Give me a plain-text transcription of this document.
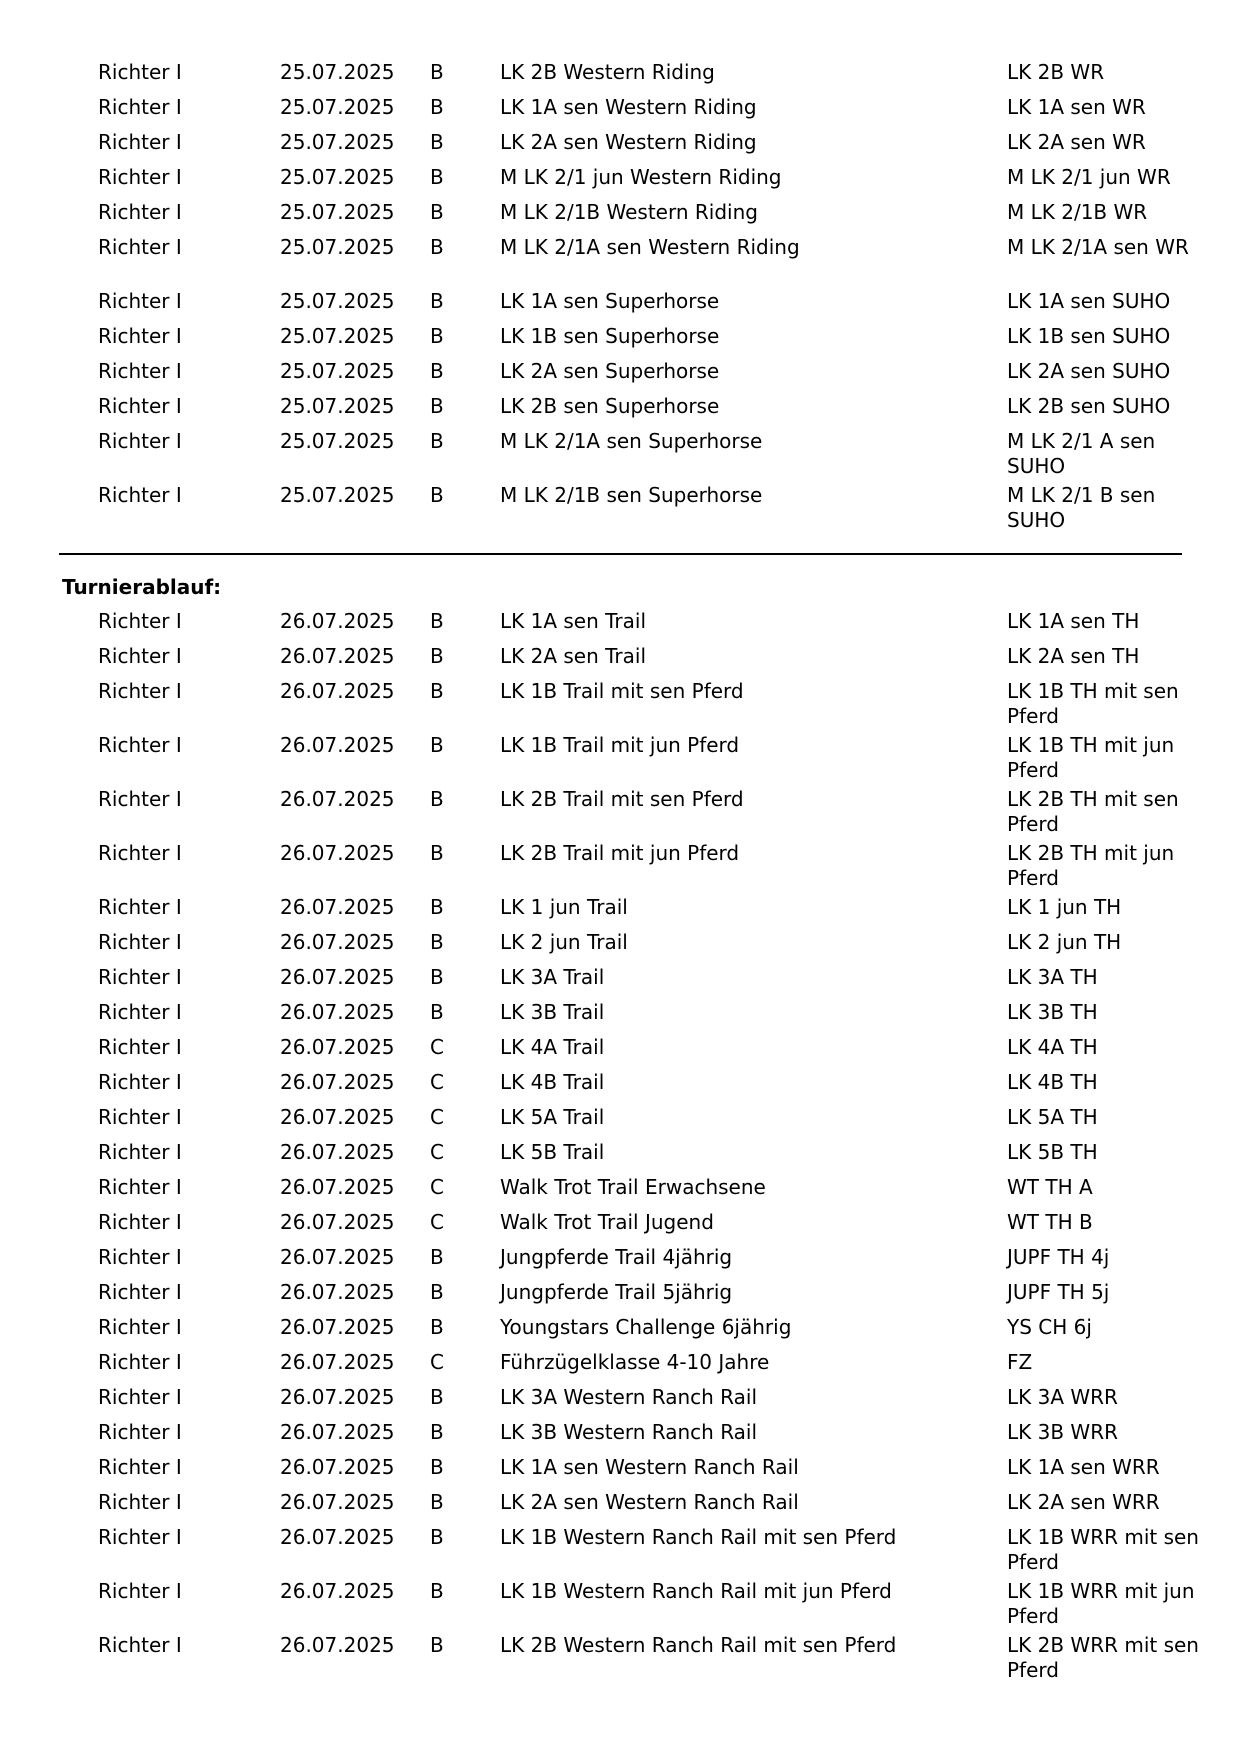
Richter I	25.07.2025 B	LK 2B Western Riding	LK 2B WR
Richter I	25.07.2025 B	LK 1A sen Western Riding	LK 1A sen WR
Richter I	25.07.2025 B	LK 2A sen Western Riding	LK 2A sen WR
Richter I	25.07.2025 B	M LK 2/1 jun Western Riding	M LK 2/1 jun WR
Richter I	25.07.2025 B	M LK 2/1B Western Riding	M LK 2/1B WR
Richter I	25.07.2025 B	M LK 2/1A sen Western Riding	M LK 2/1A sen WR
Richter I	25.07.2025 B	LK 1A sen Superhorse	LK 1A sen SUHO
Richter I	25.07.2025 B	LK 1B sen Superhorse	LK 1B sen SUHO
Richter I	25.07.2025 B	LK 2A sen Superhorse	LK 2A sen SUHO
Richter I	25.07.2025 B	LK 2B sen Superhorse	LK 2B sen SUHO
Richter I	25.07.2025 B	M LK 2/1A sen Superhorse	M LK 2/1 A sen SUHO
Richter I	25.07.2025 B	M LK 2/1B sen Superhorse	M LK 2/1 B sen SUHO
Turnierablauf:
Richter I	26.07.2025 B	LK 1A sen Trail	LK 1A sen TH
Richter I	26.07.2025 B	LK 2A sen Trail	LK 2A sen TH
Richter I	26.07.2025 B	LK 1B Trail mit sen Pferd	LK 1B TH mit sen Pferd
Richter I	26.07.2025 B	LK 1B Trail mit jun Pferd	LK 1B TH mit jun Pferd
Richter I	26.07.2025 B	LK 2B Trail mit sen Pferd	LK 2B TH mit sen Pferd
Richter I	26.07.2025 B	LK 2B Trail mit jun Pferd	LK 2B TH mit jun Pferd
Richter I	26.07.2025 B	LK 1 jun Trail	LK 1 jun TH
Richter I	26.07.2025 B	LK 2 jun Trail	LK 2 jun TH
Richter I	26.07.2025 B	LK 3A Trail	LK 3A TH
Richter I	26.07.2025 B	LK 3B Trail	LK 3B TH
Richter I	26.07.2025 C	LK 4A Trail	LK 4A TH
Richter I	26.07.2025 C	LK 4B Trail	LK 4B TH
Richter I	26.07.2025 C	LK 5A Trail	LK 5A TH
Richter I	26.07.2025 C	LK 5B Trail	LK 5B TH
Richter I	26.07.2025 C	Walk Trot Trail Erwachsene	WT TH A
Richter I	26.07.2025 C	Walk Trot Trail Jugend	WT TH B
Richter I	26.07.2025 B	Jungpferde Trail 4jährig	JUPF TH 4j
Richter I	26.07.2025 B	Jungpferde Trail 5jährig	JUPF TH 5j
Richter I	26.07.2025 B	Youngstars Challenge 6jährig	YS CH 6j
Richter I	26.07.2025 C	Führzügelklasse 4-10 Jahre	FZ
Richter I	26.07.2025 B	LK 3A Western Ranch Rail	LK 3A WRR
Richter I	26.07.2025 B	LK 3B Western Ranch Rail	LK 3B WRR
Richter I	26.07.2025 B	LK 1A sen Western Ranch Rail	LK 1A sen WRR
Richter I	26.07.2025 B	LK 2A sen Western Ranch Rail	LK 2A sen WRR
Richter I	26.07.2025 B	LK 1B Western Ranch Rail mit sen Pferd	LK 1B WRR mit sen Pferd
Richter I	26.07.2025 B	LK 1B Western Ranch Rail mit jun Pferd	LK 1B WRR mit jun Pferd
Richter I	26.07.2025 B	LK 2B Western Ranch Rail mit sen Pferd	LK 2B WRR mit sen Pferd
